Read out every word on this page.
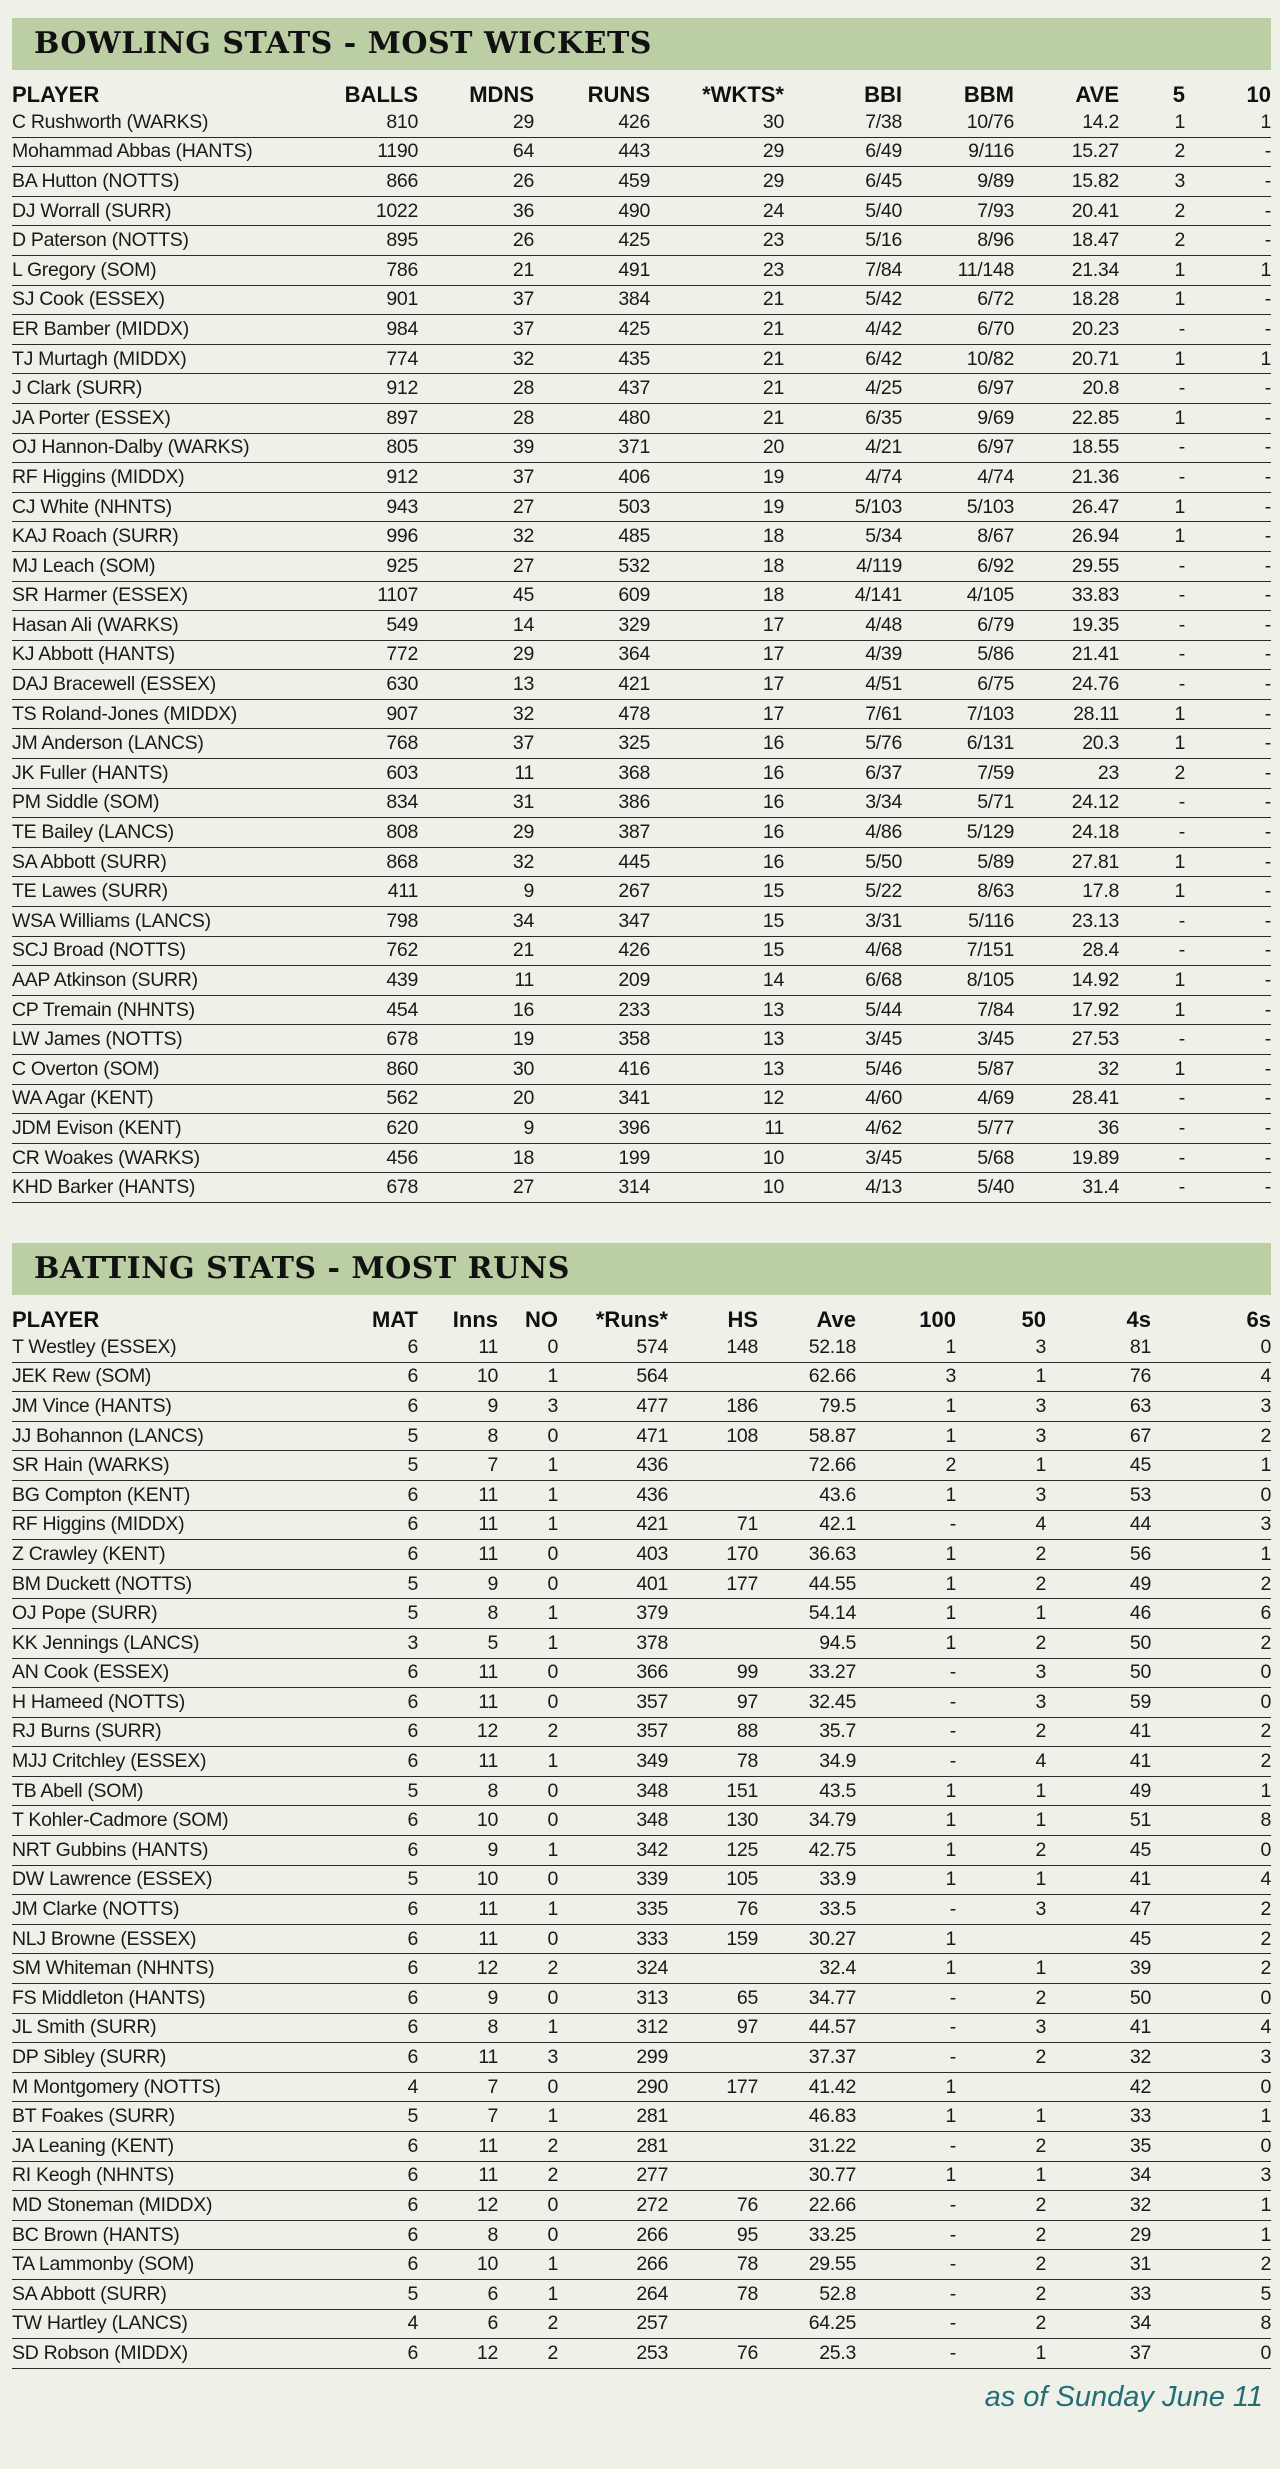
BOWLING STATS - MOST WICKETS
PLAYER	BALLS	MDNS	RUNS	*WKTS*	BBI	BBM	AVE	5	10
C Rushworth (WARKS)	810	29	426	30	7/38	10/76	14.2	1	1
Mohammad Abbas (HANTS)	1190	64	443	29	6/49	9/116	15.27	2	-
BA Hutton (NOTTS)	866	26	459	29	6/45	9/89	15.82	3	-
DJ Worrall (SURR)	1022	36	490	24	5/40	7/93	20.41	2	-
D Paterson (NOTTS)	895	26	425	23	5/16	8/96	18.47	2	-
L Gregory (SOM)	786	21	491	23	7/84	11/148	21.34	1	1
SJ Cook (ESSEX)	901	37	384	21	5/42	6/72	18.28	1	-
ER Bamber (MIDDX)	984	37	425	21	4/42	6/70	20.23	-	-
TJ Murtagh (MIDDX)	774	32	435	21	6/42	10/82	20.71	1	1
J Clark (SURR)	912	28	437	21	4/25	6/97	20.8	-	-
JA Porter (ESSEX)	897	28	480	21	6/35	9/69	22.85	1	-
OJ Hannon-Dalby (WARKS)	805	39	371	20	4/21	6/97	18.55	-	-
RF Higgins (MIDDX)	912	37	406	19	4/74	4/74	21.36	-	-
CJ White (NHNTS)	943	27	503	19	5/103	5/103	26.47	1	-
KAJ Roach (SURR)	996	32	485	18	5/34	8/67	26.94	1	-
MJ Leach (SOM)	925	27	532	18	4/119	6/92	29.55	-	-
SR Harmer (ESSEX)	1107	45	609	18	4/141	4/105	33.83	-	-
Hasan Ali (WARKS)	549	14	329	17	4/48	6/79	19.35	-	-
KJ Abbott (HANTS)	772	29	364	17	4/39	5/86	21.41	-	-
DAJ Bracewell (ESSEX)	630	13	421	17	4/51	6/75	24.76	-	-
TS Roland-Jones (MIDDX)	907	32	478	17	7/61	7/103	28.11	1	-
JM Anderson (LANCS)	768	37	325	16	5/76	6/131	20.3	1	-
JK Fuller (HANTS)	603	11	368	16	6/37	7/59	23	2	-
PM Siddle (SOM)	834	31	386	16	3/34	5/71	24.12	-	-
TE Bailey (LANCS)	808	29	387	16	4/86	5/129	24.18	-	-
SA Abbott (SURR)	868	32	445	16	5/50	5/89	27.81	1	-
TE Lawes (SURR)	411	9	267	15	5/22	8/63	17.8	1	-
WSA Williams (LANCS)	798	34	347	15	3/31	5/116	23.13	-	-
SCJ Broad (NOTTS)	762	21	426	15	4/68	7/151	28.4	-	-
AAP Atkinson (SURR)	439	11	209	14	6/68	8/105	14.92	1	-
CP Tremain (NHNTS)	454	16	233	13	5/44	7/84	17.92	1	-
LW James (NOTTS)	678	19	358	13	3/45	3/45	27.53	-	-
C Overton (SOM)	860	30	416	13	5/46	5/87	32	1	-
WA Agar (KENT)	562	20	341	12	4/60	4/69	28.41	-	-
JDM Evison (KENT)	620	9	396	11	4/62	5/77	36	-	-
CR Woakes (WARKS)	456	18	199	10	3/45	5/68	19.89	-	-
KHD Barker (HANTS)	678	27	314	10	4/13	5/40	31.4	-	-
BATTING STATS - MOST RUNS
PLAYER	MAT	Inns	NO	*Runs*	HS	Ave	100	50	4s	6s
T Westley (ESSEX)	6	11	0	574	148	52.18	1	3	81	0
JEK Rew (SOM)	6	10	1	564		62.66	3	1	76	4
JM Vince (HANTS)	6	9	3	477	186	79.5	1	3	63	3
JJ Bohannon (LANCS)	5	8	0	471	108	58.87	1	3	67	2
SR Hain (WARKS)	5	7	1	436		72.66	2	1	45	1
BG Compton (KENT)	6	11	1	436		43.6	1	3	53	0
RF Higgins (MIDDX)	6	11	1	421	71	42.1	-	4	44	3
Z Crawley (KENT)	6	11	0	403	170	36.63	1	2	56	1
BM Duckett (NOTTS)	5	9	0	401	177	44.55	1	2	49	2
OJ Pope (SURR)	5	8	1	379		54.14	1	1	46	6
KK Jennings (LANCS)	3	5	1	378		94.5	1	2	50	2
AN Cook (ESSEX)	6	11	0	366	99	33.27	-	3	50	0
H Hameed (NOTTS)	6	11	0	357	97	32.45	-	3	59	0
RJ Burns (SURR)	6	12	2	357	88	35.7	-	2	41	2
MJJ Critchley (ESSEX)	6	11	1	349	78	34.9	-	4	41	2
TB Abell (SOM)	5	8	0	348	151	43.5	1	1	49	1
T Kohler-Cadmore (SOM)	6	10	0	348	130	34.79	1	1	51	8
NRT Gubbins (HANTS)	6	9	1	342	125	42.75	1	2	45	0
DW Lawrence (ESSEX)	5	10	0	339	105	33.9	1	1	41	4
JM Clarke (NOTTS)	6	11	1	335	76	33.5	-	3	47	2
NLJ Browne (ESSEX)	6	11	0	333	159	30.27	1		45	2
SM Whiteman (NHNTS)	6	12	2	324		32.4	1	1	39	2
FS Middleton (HANTS)	6	9	0	313	65	34.77	-	2	50	0
JL Smith (SURR)	6	8	1	312	97	44.57	-	3	41	4
DP Sibley (SURR)	6	11	3	299		37.37	-	2	32	3
M Montgomery (NOTTS)	4	7	0	290	177	41.42	1		42	0
BT Foakes (SURR)	5	7	1	281		46.83	1	1	33	1
JA Leaning (KENT)	6	11	2	281		31.22	-	2	35	0
RI Keogh (NHNTS)	6	11	2	277		30.77	1	1	34	3
MD Stoneman (MIDDX)	6	12	0	272	76	22.66	-	2	32	1
BC Brown (HANTS)	6	8	0	266	95	33.25	-	2	29	1
TA Lammonby (SOM)	6	10	1	266	78	29.55	-	2	31	2
SA Abbott (SURR)	5	6	1	264	78	52.8	-	2	33	5
TW Hartley (LANCS)	4	6	2	257		64.25	-	2	34	8
SD Robson (MIDDX)	6	12	2	253	76	25.3	-	1	37	0
as of Sunday June 11
